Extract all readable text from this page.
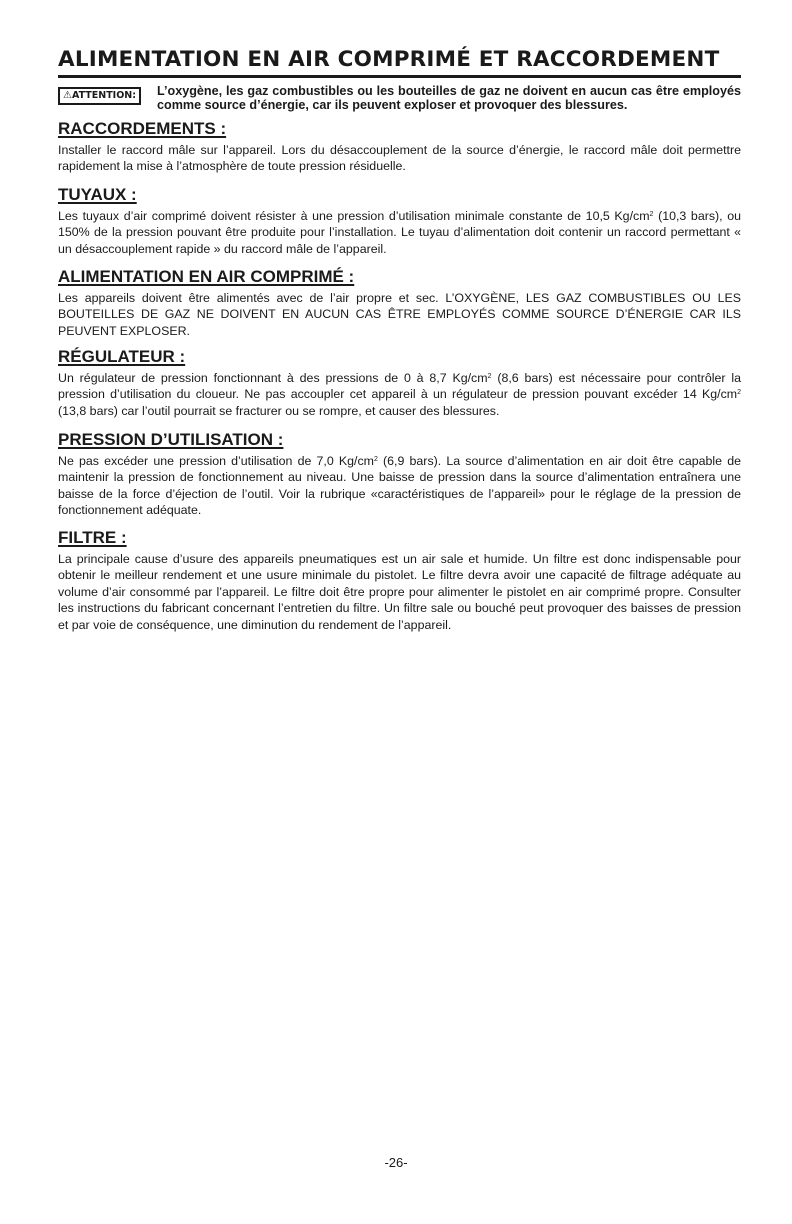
ALIMENTATION EN AIR COMPRIMÉ ET RACCORDEMENT
⚠ATTENTION:	L’oxygène, les gaz combustibles ou les bouteilles de gaz ne doivent en aucun cas être employés comme source d’énergie, car ils peuvent exploser et provoquer des blessures.
RACCORDEMENTS :

Installer le raccord mâle sur l’appareil. Lors du désaccouplement de la source d’énergie, le raccord mâle doit permettre rapidement la mise à l’atmosphère de toute pression résiduelle.

TUYAUX :

Les tuyaux d’air comprimé doivent résister à une pression d’utilisation minimale constante de 10,5 $Kg/cm^2$ (10,3 bars), ou 150% de la pression pouvant être produite pour l’installation. Le tuyau d’alimentation doit contenir un raccord permettant « un désaccouplement rapide » du raccord mâle de l’appareil.

ALIMENTATION EN AIR COMPRIMÉ :

Les appareils doivent être alimentés avec de l’air propre et sec. L’OXYGÈNE, LES GAZ COMBUSTIBLES OU LES BOUTEILLES DE GAZ NE DOIVENT EN AUCUN CAS ÊTRE EMPLOYÉS COMME SOURCE D’ÉNERGIE CAR ILS PEUVENT EXPLOSER.

RÉGULATEUR :

Un régulateur de pression fonctionnant à des pressions de 0 à 8,7 $Kg/cm^2$ (8,6 bars) est nécessaire pour contrôler la pression d’utilisation du cloueur. Ne pas accoupler cet appareil à un régulateur de pression pouvant excéder 14 $Kg/cm^2$ (13,8 bars) car l’outil pourrait se fracturer ou se rompre, et causer des blessures.

PRESSION D’UTILISATION :

Ne pas excéder une pression d’utilisation de 7,0 $Kg/cm^2$ (6,9 bars). La source d’alimentation en air doit être capable de maintenir la pression de fonctionnement au niveau. Une baisse de pression dans la source d’alimentation entraînera une baisse de la force d’éjection de l’outil. Voir la rubrique «caractéristiques de l’appareil» pour le réglage de la pression de fonctionnement adéquate.

FILTRE :

La principale cause d’usure des appareils pneumatiques est un air sale et humide. Un filtre est donc indispensable pour obtenir le meilleur rendement et une usure minimale du pistolet. Le filtre devra avoir une capacité de filtrage adéquate au volume d’air consommé par l’appareil. Le filtre doit être propre pour alimenter le pistolet en air comprimé propre. Consulter les instructions du fabricant concernant l’entretien du filtre. Un filtre sale ou bouché peut provoquer des baisses de pression et par voie de conséquence, une diminution du rendement de l’appareil.

-26-
